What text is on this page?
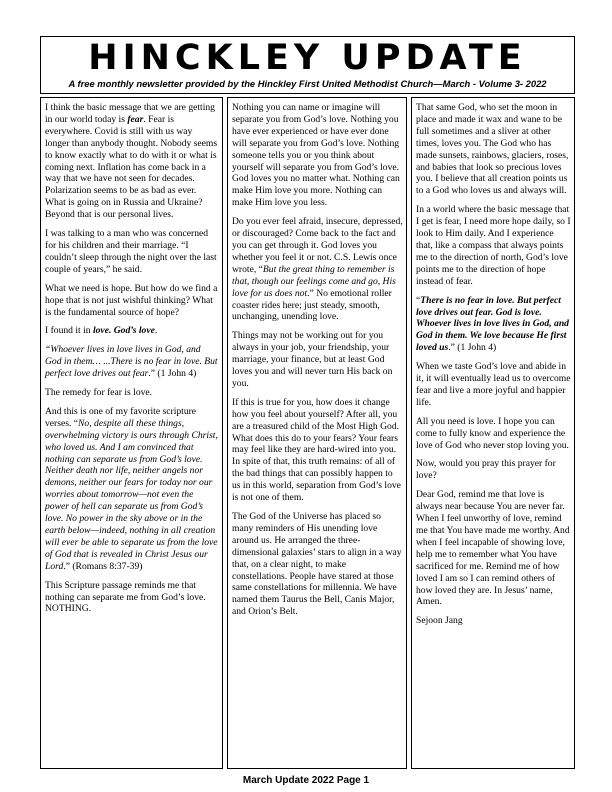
HINCKLEY UPDATE
A free monthly newsletter provided by the Hinckley First United Methodist Church—March - Volume 3- 2022

I think the basic message that we are getting in our world today is fear. Fear is everywhere. Covid is still with us way longer than anybody thought. Nobody seems to know exactly what to do with it or what is coming next. Inflation has come back in a way that we have not seen for decades. Polarization seems to be as bad as ever. What is going on in Russia and Ukraine? Beyond that is our personal lives.

I was talking to a man who was concerned for his children and their marriage. “I couldn’t sleep through the night over the last couple of years,” he said.

What we need is hope. But how do we find a hope that is not just wishful thinking? What is the fundamental source of hope?

I found it in love. God’s love.

“Whoever lives in love lives in God, and God in them… ...There is no fear in love. But perfect love drives out fear.” (1 John 4)

The remedy for fear is love.

And this is one of my favorite scripture verses. “No, despite all these things, overwhelming victory is ours through Christ, who loved us. And I am convinced that nothing can separate us from God’s love. Neither death nor life, neither angels nor demons, neither our fears for today nor our worries about tomorrow—not even the power of hell can separate us from God’s love. No power in the sky above or in the earth below—indeed, nothing in all creation will ever be able to separate us from the love of God that is revealed in Christ Jesus our Lord.” (Romans 8:37-39)

This Scripture passage reminds me that nothing can separate me from God’s love. NOTHING.

Nothing you can name or imagine will separate you from God’s love. Nothing you have ever experienced or have ever done will separate you from God’s love. Nothing someone tells you or you think about yourself will separate you from God’s love. God loves you no matter what. Nothing can make Him love you more. Nothing can make Him love you less.

Do you ever feel afraid, insecure, depressed, or discouraged? Come back to the fact and you can get through it. God loves you whether you feel it or not. C.S. Lewis once wrote, “But the great thing to remember is that, though our feelings come and go, His love for us does not.” No emotional roller coaster rides here; just steady, smooth, unchanging, unending love.

Things may not be working out for you always in your job, your friendship, your marriage, your finance, but at least God loves you and will never turn His back on you.

If this is true for you, how does it change how you feel about yourself? After all, you are a treasured child of the Most High God. What does this do to your fears? Your fears may feel like they are hard-wired into you. In spite of that, this truth remains: of all of the bad things that can possibly happen to us in this world, separation from God’s love is not one of them.

The God of the Universe has placed so many reminders of His unending love around us. He arranged the three-dimensional galaxies’ stars to align in a way that, on a clear night, to make constellations. People have stared at those same constellations for millennia. We have named them Taurus the Bell, Canis Major, and Orion’s Belt.

That same God, who set the moon in place and made it wax and wane to be full sometimes and a sliver at other times, loves you. The God who has made sunsets, rainbows, glaciers, roses, and babies that look so precious loves you. I believe that all creation points us to a God who loves us and always will.

In a world where the basic message that I get is fear, I need more hope daily, so I look to Him daily. And I experience that, like a compass that always points me to the direction of north, God’s love points me to the direction of hope instead of fear.

“There is no fear in love. But perfect love drives out fear. God is love. Whoever lives in love lives in God, and God in them. We love because He first loved us.” (1 John 4)

When we taste God’s love and abide in it, it will eventually lead us to overcome fear and live a more joyful and happier life.

All you need is love. I hope you can come to fully know and experience the love of God who never stop loving you.

Now, would you pray this prayer for love?

Dear God, remind me that love is always near because You are never far. When I feel unworthy of love, remind me that You have made me worthy. And when I feel incapable of showing love, help me to remember what You have sacrificed for me. Remind me of how loved I am so I can remind others of how loved they are. In Jesus’ name, Amen.

Sejoon Jang

March Update 2022 Page 1
